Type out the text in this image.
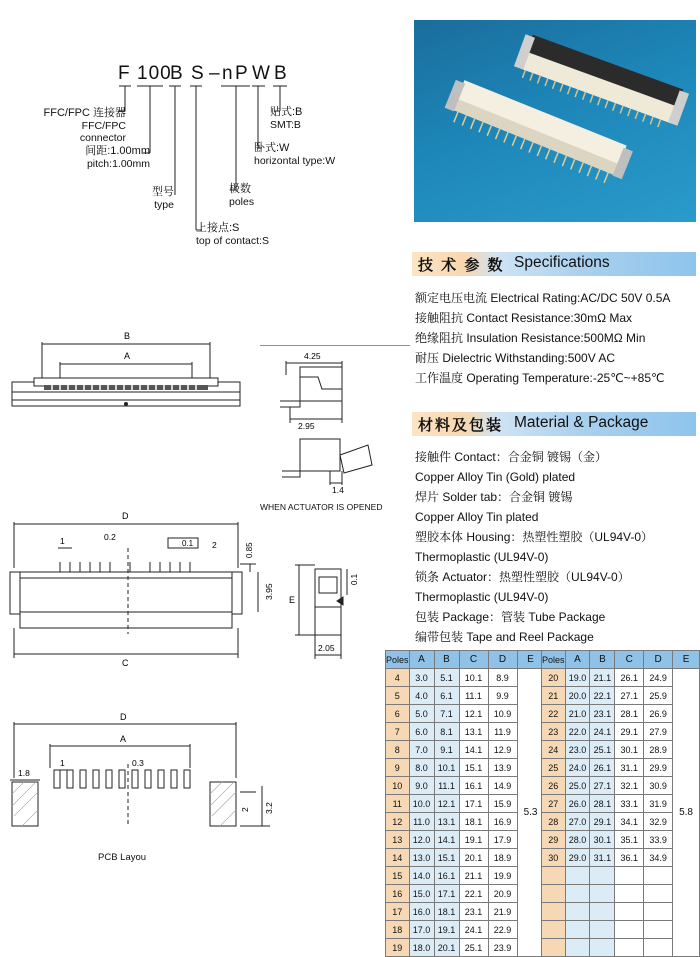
F 100
B S – n P W B
FFC/FPC 连接器
FFC/FPC connector
间距:1.00mm
pitch:1.00mm
型号
type
上接点:S
top of contact:S
极数
poles
卧式:W
horizontal type:W
贴式:B
SMT:B
技 术 参 数 Specifications
额定电压电流 Electrical Rating:AC/DC 50V 0.5A
接触阻抗 Contact Resistance:30mΩ Max
绝缘阻抗 Insulation Resistance:500MΩ Min
耐压 Dielectric Withstanding:500V AC
工作温度 Operating Temperature:-25℃~+85℃
材料及包装 Material & Package
接触件 Contact：合金铜 镀锡（金）
Copper Alloy Tin (Gold) plated
焊片 Solder tab：合金铜 镀锡
Copper Alloy Tin plated
塑胶本体 Housing：热塑性塑胶（UL94V-0）
Thermoplastic (UL94V-0)
锁条 Actuator：热塑性塑胶（UL94V-0）
Thermoplastic (UL94V-0)
包装 Package：管装 Tube Package
编带包装 Tape and Reel Package
B
A	4.25
2.95
1.4
WHEN ACTUATOR IS OPENED
D
1	0.2
0.1 2	0.85
3.95
C
E
0.1
2.05
D
A
1.8
1	0.3
2 3.2
PCB Layou
Poles	A	B	C	D	E
4	3.0	5.1	10.1	8.9	5.3
5	4.0	6.1	11.1	9.9	
6	5.0	7.1	12.1	10.9	
7	6.0	8.1	13.1	11.9	
8	7.0	9.1	14.1	12.9	
9	8.0	10.1	15.1	13.9	
10	9.0	11.1	16.1	14.9	
11	10.0	12.1	17.1	15.9	
12	11.0	13.1	18.1	16.9	
13	12.0	14.1	19.1	17.9	
14	13.0	15.1	20.1	18.9	
15	14.0	16.1	21.1	19.9	
16	15.0	17.1	22.1	20.9	
17	16.0	18.1	23.1	21.9	
18	17.0	19.1	24.1	22.9	
19	18.0	20.1	25.1	23.9	
Poles	A	B	C	D	E
20	19.0	21.1	26.1	24.9	5.8
21	20.0	22.1	27.1	25.9	
22	21.0	23.1	28.1	26.9	
23	22.0	24.1	29.1	27.9	
24	23.0	25.1	30.1	28.9	
25	24.0	26.1	31.1	29.9	
26	25.0	27.1	32.1	30.9	
27	26.0	28.1	33.1	31.9	
28	27.0	29.1	34.1	32.9	
29	28.0	30.1	35.1	33.9	
30	29.0	31.1	36.1	34.9	
